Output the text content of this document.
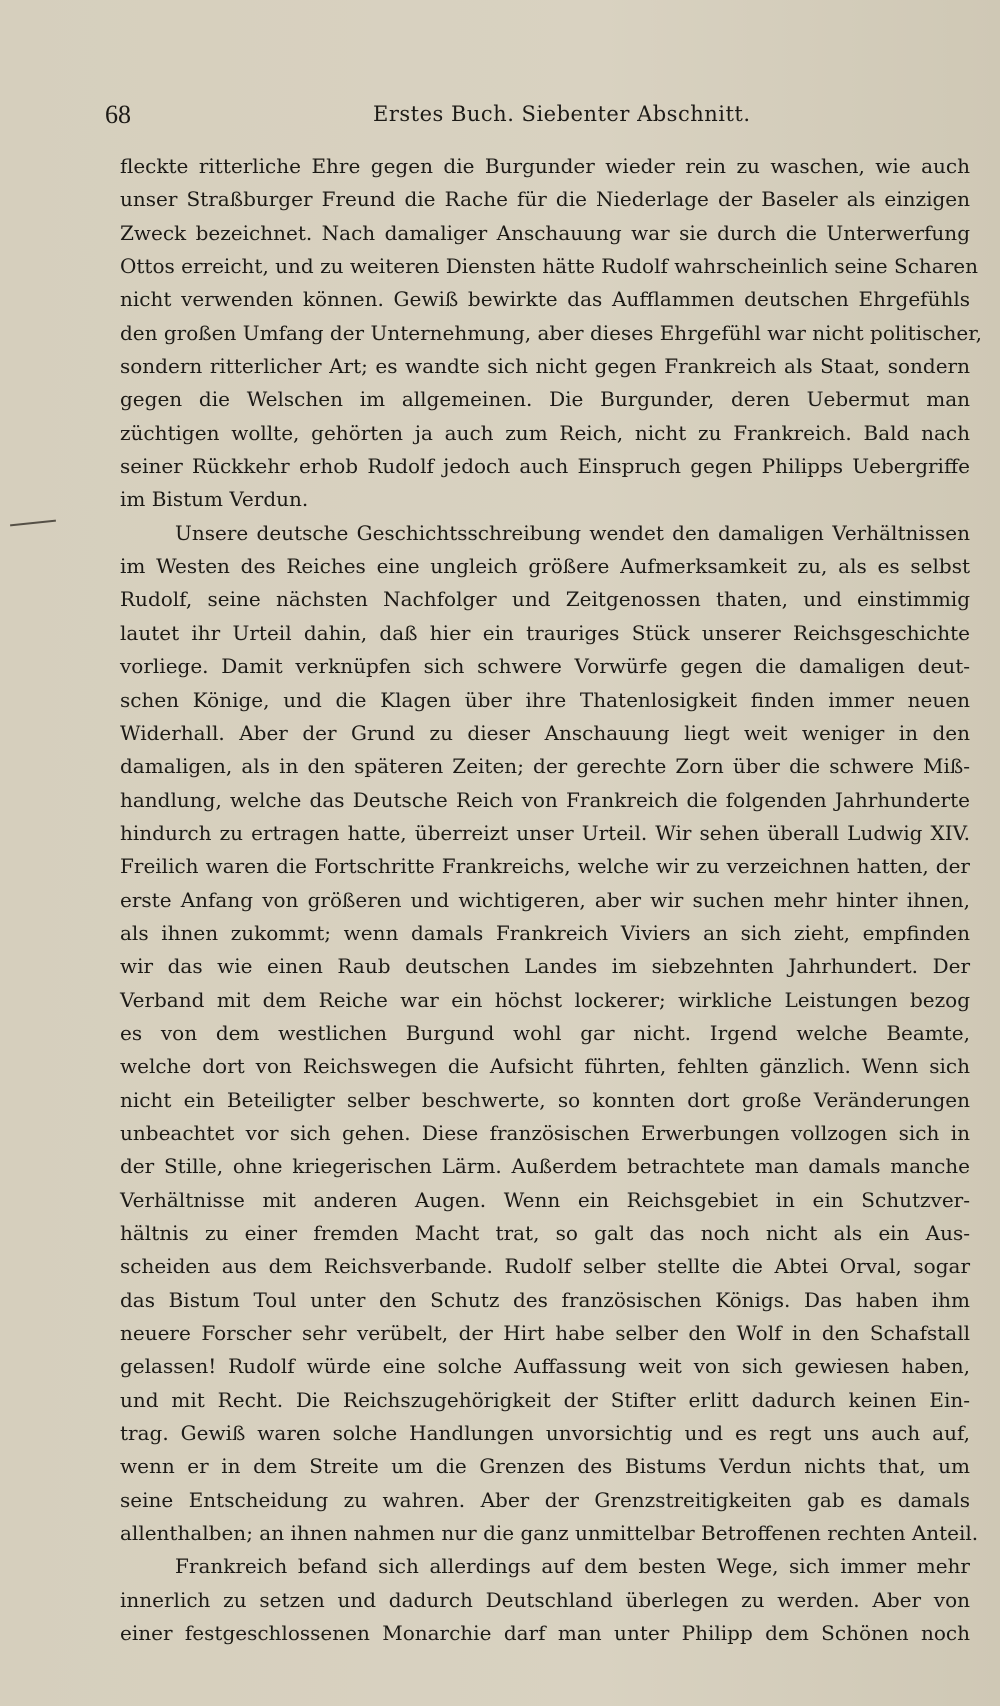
68	Erstes Buch. Siebenter Abschnitt.
fleckte ritterliche Ehre gegen die Burgunder wieder rein zu waschen, wie auch
unser Straßburger Freund die Rache für die Niederlage der Baseler als einzigen
Zweck bezeichnet. Nach damaliger Anschauung war sie durch die Unterwerfung
Ottos erreicht, und zu weiteren Diensten hätte Rudolf wahrscheinlich seine Scharen
nicht verwenden können. Gewiß bewirkte das Aufflammen deutschen Ehrgefühls
den großen Umfang der Unternehmung, aber dieses Ehrgefühl war nicht politischer,
sondern ritterlicher Art; es wandte sich nicht gegen Frankreich als Staat, sondern
gegen die Welschen im allgemeinen. Die Burgunder, deren Uebermut man
züchtigen wollte, gehörten ja auch zum Reich, nicht zu Frankreich. Bald nach
seiner Rückkehr erhob Rudolf jedoch auch Einspruch gegen Philipps Uebergriffe
im Bistum Verdun.
Unsere deutsche Geschichtsschreibung wendet den damaligen Verhältnissen
im Westen des Reiches eine ungleich größere Aufmerksamkeit zu, als es selbst
Rudolf, seine nächsten Nachfolger und Zeitgenossen thaten, und einstimmig
lautet ihr Urteil dahin, daß hier ein trauriges Stück unserer Reichsgeschichte
vorliege. Damit verknüpfen sich schwere Vorwürfe gegen die damaligen deut-
schen Könige, und die Klagen über ihre Thatenlosigkeit finden immer neuen
Widerhall. Aber der Grund zu dieser Anschauung liegt weit weniger in den
damaligen, als in den späteren Zeiten; der gerechte Zorn über die schwere Miß-
handlung, welche das Deutsche Reich von Frankreich die folgenden Jahrhunderte
hindurch zu ertragen hatte, überreizt unser Urteil. Wir sehen überall Ludwig XIV.
Freilich waren die Fortschritte Frankreichs, welche wir zu verzeichnen hatten, der
erste Anfang von größeren und wichtigeren, aber wir suchen mehr hinter ihnen,
als ihnen zukommt; wenn damals Frankreich Viviers an sich zieht, empfinden
wir das wie einen Raub deutschen Landes im siebzehnten Jahrhundert. Der
Verband mit dem Reiche war ein höchst lockerer; wirkliche Leistungen bezog
es von dem westlichen Burgund wohl gar nicht. Irgend welche Beamte,
welche dort von Reichswegen die Aufsicht führten, fehlten gänzlich. Wenn sich
nicht ein Beteiligter selber beschwerte, so konnten dort große Veränderungen
unbeachtet vor sich gehen. Diese französischen Erwerbungen vollzogen sich in
der Stille, ohne kriegerischen Lärm. Außerdem betrachtete man damals manche
Verhältnisse mit anderen Augen. Wenn ein Reichsgebiet in ein Schutzver-
hältnis zu einer fremden Macht trat, so galt das noch nicht als ein Aus-
scheiden aus dem Reichsverbande. Rudolf selber stellte die Abtei Orval, sogar
das Bistum Toul unter den Schutz des französischen Königs. Das haben ihm
neuere Forscher sehr verübelt, der Hirt habe selber den Wolf in den Schafstall
gelassen! Rudolf würde eine solche Auffassung weit von sich gewiesen haben,
und mit Recht. Die Reichszugehörigkeit der Stifter erlitt dadurch keinen Ein-
trag. Gewiß waren solche Handlungen unvorsichtig und es regt uns auch auf,
wenn er in dem Streite um die Grenzen des Bistums Verdun nichts that, um
seine Entscheidung zu wahren. Aber der Grenzstreitigkeiten gab es damals
allenthalben; an ihnen nahmen nur die ganz unmittelbar Betroffenen rechten Anteil.
Frankreich befand sich allerdings auf dem besten Wege, sich immer mehr
innerlich zu setzen und dadurch Deutschland überlegen zu werden. Aber von
einer festgeschlossenen Monarchie darf man unter Philipp dem Schönen noch
